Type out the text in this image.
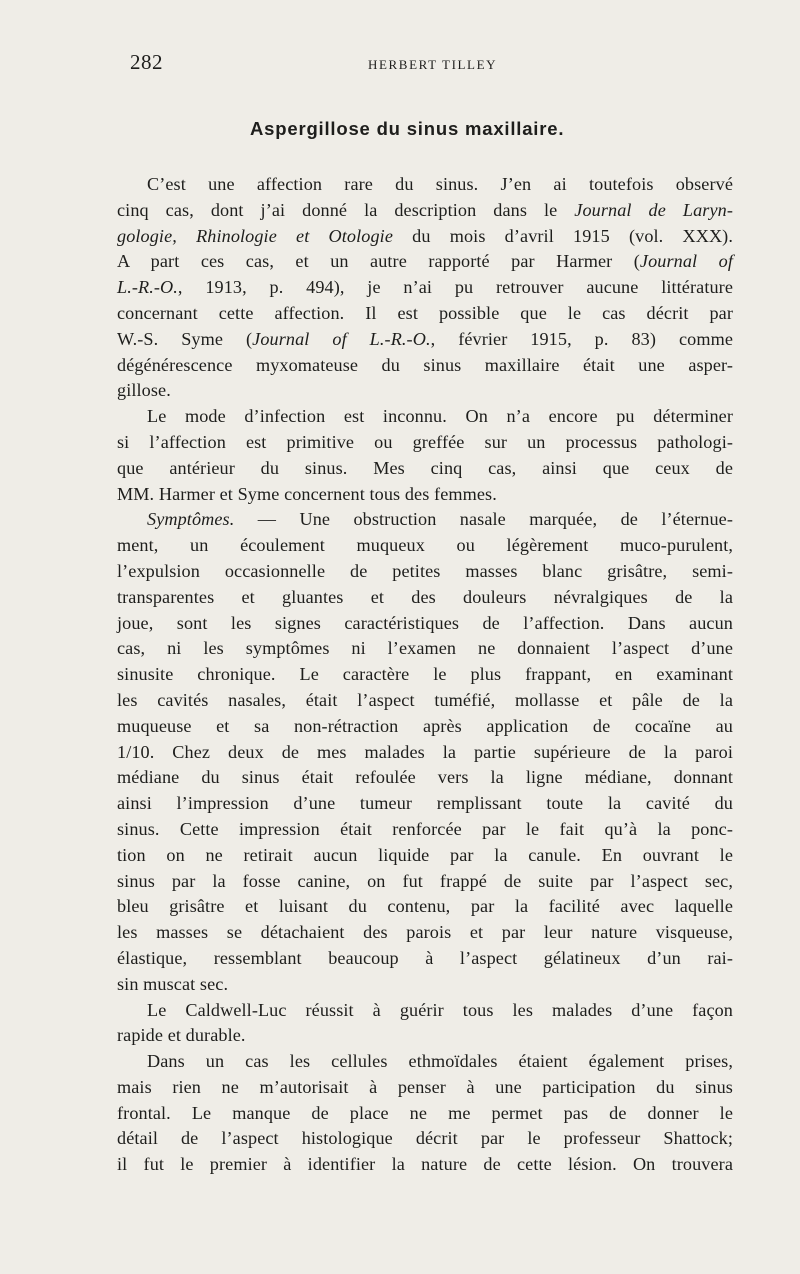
282	HERBERT TILLEY
Aspergillose du sinus maxillaire.
C’est une affection rare du sinus. J’en ai toutefois observé
cinq cas, dont j’ai donné la description dans le Journal de Laryn-
gologie, Rhinologie et Otologie du mois d’avril 1915 (vol. XXX).
A part ces cas, et un autre rapporté par Harmer (Journal of
L.-R.-O., 1913, p. 494), je n’ai pu retrouver aucune littérature
concernant cette affection. Il est possible que le cas décrit par
W.-S. Syme (Journal of L.-R.-O., février 1915, p. 83) comme
dégénérescence myxomateuse du sinus maxillaire était une asper-
gillose.
Le mode d’infection est inconnu. On n’a encore pu déterminer
si l’affection est primitive ou greffée sur un processus pathologi-
que antérieur du sinus. Mes cinq cas, ainsi que ceux de
MM. Harmer et Syme concernent tous des femmes.
Symptômes. — Une obstruction nasale marquée, de l’éternue-
ment, un écoulement muqueux ou légèrement muco-purulent,
l’expulsion occasionnelle de petites masses blanc grisâtre, semi-
transparentes et gluantes et des douleurs névralgiques de la
joue, sont les signes caractéristiques de l’affection. Dans aucun
cas, ni les symptômes ni l’examen ne donnaient l’aspect d’une
sinusite chronique. Le caractère le plus frappant, en examinant
les cavités nasales, était l’aspect tuméfié, mollasse et pâle de la
muqueuse et sa non-rétraction après application de cocaïne au
1/10. Chez deux de mes malades la partie supérieure de la paroi
médiane du sinus était refoulée vers la ligne médiane, donnant
ainsi l’impression d’une tumeur remplissant toute la cavité du
sinus. Cette impression était renforcée par le fait qu’à la ponc-
tion on ne retirait aucun liquide par la canule. En ouvrant le
sinus par la fosse canine, on fut frappé de suite par l’aspect sec,
bleu grisâtre et luisant du contenu, par la facilité avec laquelle
les masses se détachaient des parois et par leur nature visqueuse,
élastique, ressemblant beaucoup à l’aspect gélatineux d’un rai-
sin muscat sec.
Le Caldwell-Luc réussit à guérir tous les malades d’une façon
rapide et durable.
Dans un cas les cellules ethmoïdales étaient également prises,
mais rien ne m’autorisait à penser à une participation du sinus
frontal. Le manque de place ne me permet pas de donner le
détail de l’aspect histologique décrit par le professeur Shattock;
il fut le premier à identifier la nature de cette lésion. On trouvera
